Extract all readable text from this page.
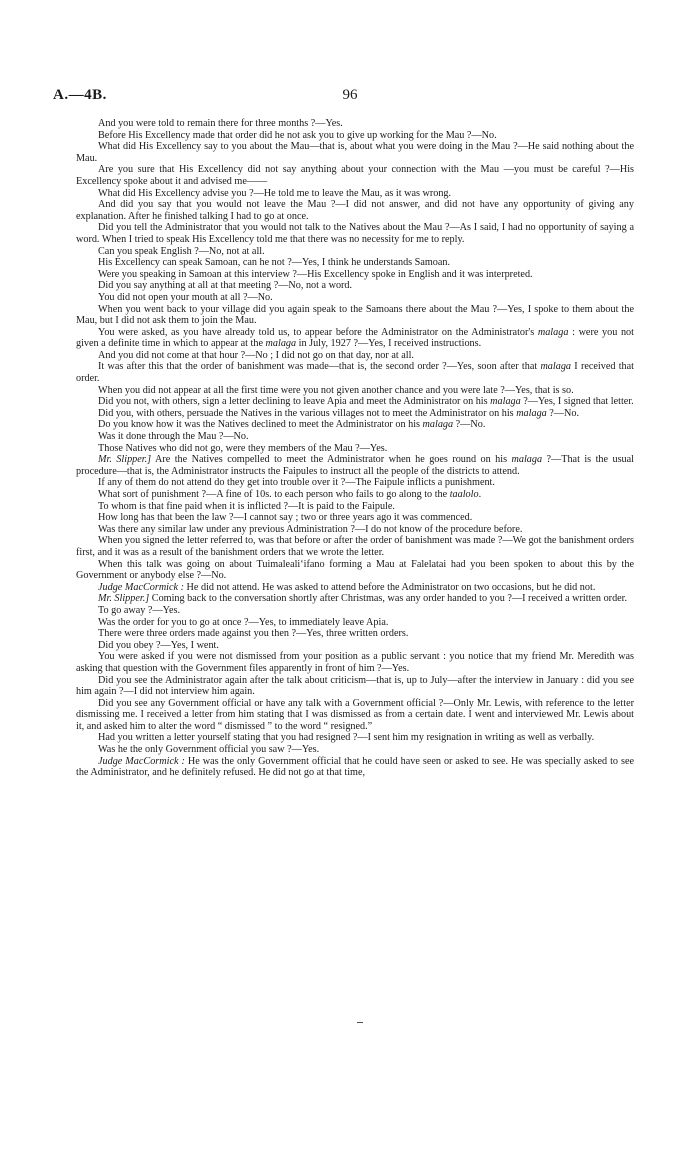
A.—4B.	96

And you were told to remain there for three months ?—Yes.

Before His Excellency made that order did he not ask you to give up working for the Mau ?—No.

What did His Excellency say to you about the Mau—that is, about what you were doing in the Mau ?—He said nothing about the Mau.

Are you sure that His Excellency did not say anything about your connection with the Mau —you must be careful ?—His Excellency spoke about it and advised me——

What did His Excellency advise you ?—He told me to leave the Mau, as it was wrong.

And did you say that you would not leave the Mau ?—I did not answer, and did not have any opportunity of giving any explanation. After he finished talking I had to go at once.

Did you tell the Administrator that you would not talk to the Natives about the Mau ?—As I said, I had no opportunity of saying a word. When I tried to speak His Excellency told me that there was no necessity for me to reply.

Can you speak English ?—No, not at all.

His Excellency can speak Samoan, can he not ?—Yes, I think he understands Samoan.

Were you speaking in Samoan at this interview ?—His Excellency spoke in English and it was interpreted.

Did you say anything at all at that meeting ?—No, not a word.

You did not open your mouth at all ?—No.

When you went back to your village did you again speak to the Samoans there about the Mau ?—Yes, I spoke to them about the Mau, but I did not ask them to join the Mau.

You were asked, as you have already told us, to appear before the Administrator on the Administrator's malaga : were you not given a definite time in which to appear at the malaga in July, 1927 ?—Yes, I received instructions.

And you did not come at that hour ?—No ; I did not go on that day, nor at all.

It was after this that the order of banishment was made—that is, the second order ?—Yes, soon after that malaga I received that order.

When you did not appear at all the first time were you not given another chance and you were late ?—Yes, that is so.

Did you not, with others, sign a letter declining to leave Apia and meet the Administrator on his malaga ?—Yes, I signed that letter.

Did you, with others, persuade the Natives in the various villages not to meet the Administrator on his malaga ?—No.

Do you know how it was the Natives declined to meet the Administrator on his malaga ?—No.

Was it done through the Mau ?—No.

Those Natives who did not go, were they members of the Mau ?—Yes.

Mr. Slipper.] Are the Natives compelled to meet the Administrator when he goes round on his malaga ?—That is the usual procedure—that is, the Administrator instructs the Faipules to instruct all the people of the districts to attend.

If any of them do not attend do they get into trouble over it ?—The Faipule inflicts a punishment.

What sort of punishment ?—A fine of 10s. to each person who fails to go along to the taalolo.

To whom is that fine paid when it is inflicted ?—It is paid to the Faipule.

How long has that been the law ?—I cannot say ; two or three years ago it was commenced.

Was there any similar law under any previous Administration ?—I do not know of the procedure before.

When you signed the letter referred to, was that before or after the order of banishment was made ?—We got the banishment orders first, and it was as a result of the banishment orders that we wrote the letter.

When this talk was going on about Tuimalealiʻifano forming a Mau at Falelatai had you been spoken to about this by the Government or anybody else ?—No.

Judge MacCormick : He did not attend. He was asked to attend before the Administrator on two occasions, but he did not.

Mr. Slipper.] Coming back to the conversation shortly after Christmas, was any order handed to you ?—I received a written order.

To go away ?—Yes.

Was the order for you to go at once ?—Yes, to immediately leave Apia.

There were three orders made against you then ?—Yes, three written orders.

Did you obey ?—Yes, I went.

You were asked if you were not dismissed from your position as a public servant : you notice that my friend Mr. Meredith was asking that question with the Government files apparently in front of him ?—Yes.

Did you see the Administrator again after the talk about criticism—that is, up to July—after the interview in January : did you see him again ?—I did not interview him again.

Did you see any Government official or have any talk with a Government official ?—Only Mr. Lewis, with reference to the letter dismissing me. I received a letter from him stating that I was dismissed as from a certain date. I went and interviewed Mr. Lewis about it, and asked him to alter the word “ dismissed ” to the word “ resigned.”

Had you written a letter yourself stating that you had resigned ?—I sent him my resignation in writing as well as verbally.

Was he the only Government official you saw ?—Yes.

Judge MacCormick : He was the only Government official that he could have seen or asked to see. He was specially asked to see the Administrator, and he definitely refused. He did not go at that time,
